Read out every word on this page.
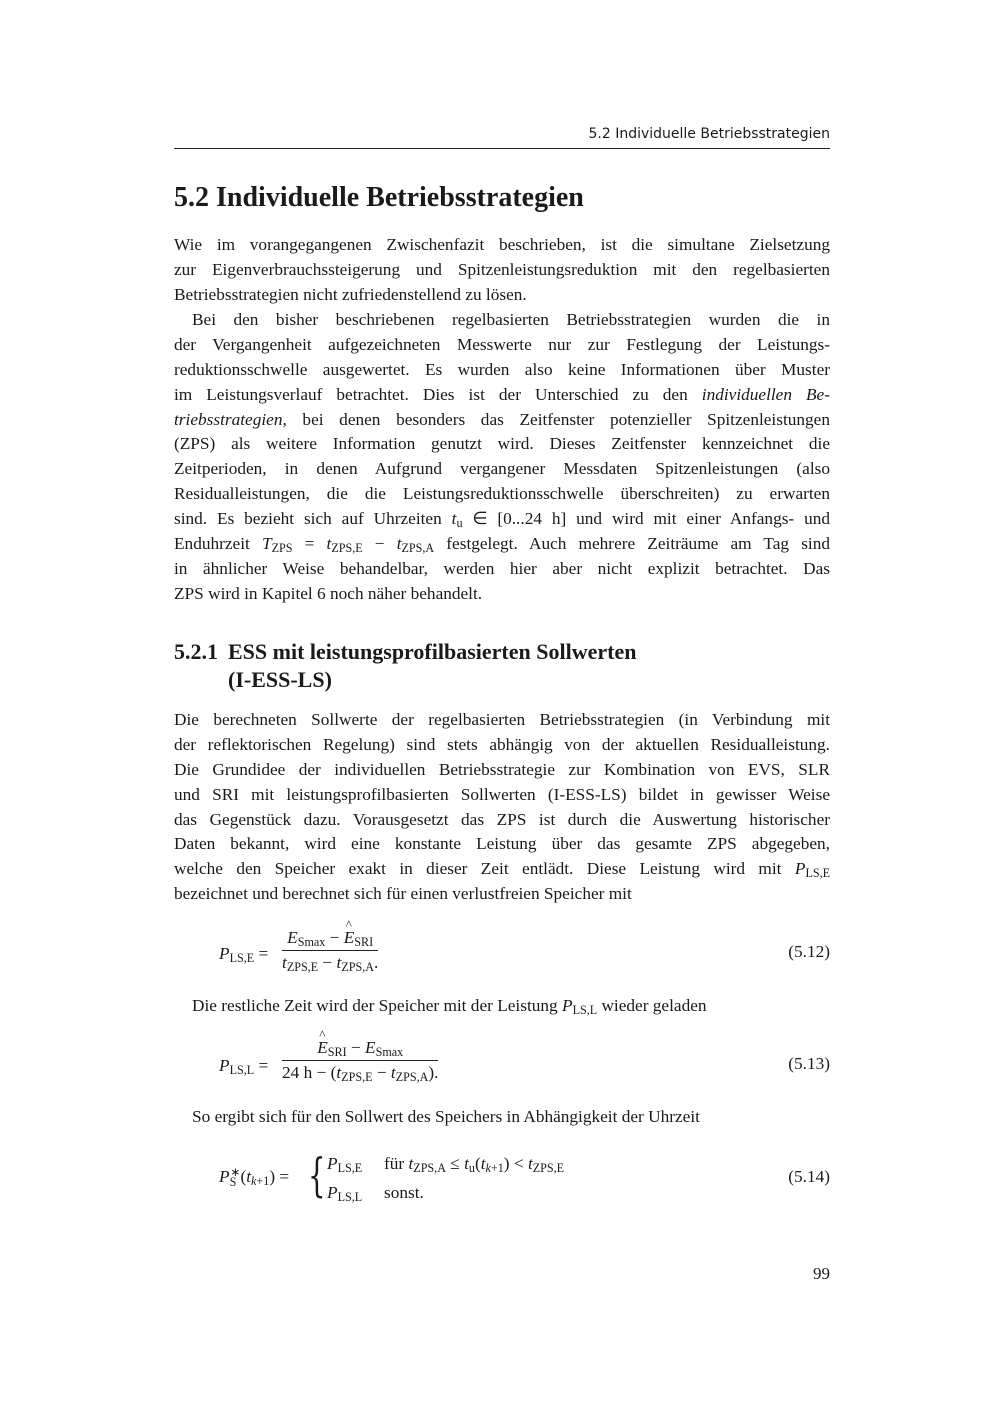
5.2 Individuelle Betriebsstrategien
5.2 Individuelle Betriebsstrategien
Wie im vorangegangenen Zwischenfazit beschrieben, ist die simultane Zielsetzung
zur Eigenverbrauchssteigerung und Spitzenleistungsreduktion mit den regelbasierten
Betriebsstrategien nicht zufriedenstellend zu lösen.
Bei den bisher beschriebenen regelbasierten Betriebsstrategien wurden die in
der Vergangenheit aufgezeichneten Messwerte nur zur Festlegung der Leistungs-
reduktionsschwelle ausgewertet. Es wurden also keine Informationen über Muster
im Leistungsverlauf betrachtet. Dies ist der Unterschied zu den individuellen Be-
triebsstrategien, bei denen besonders das Zeitfenster potenzieller Spitzenleistungen
(ZPS) als weitere Information genutzt wird. Dieses Zeitfenster kennzeichnet die
Zeitperioden, in denen Aufgrund vergangener Messdaten Spitzenleistungen (also
Residualleistungen, die die Leistungsreduktionsschwelle überschreiten) zu erwarten
sind. Es bezieht sich auf Uhrzeiten $t_u$ ∈ [0...24 h] und wird mit einer Anfangs- und
Enduhrzeit $T_{ZPS} = t_{ZPS,E} - t_{ZPS,A}$ festgelegt. Auch mehrere Zeiträume am Tag sind
in ähnlicher Weise behandelbar, werden hier aber nicht explizit betrachtet. Das
ZPS wird in Kapitel 6 noch näher behandelt.
5.2.1 ESS mit leistungsprofilbasierten Sollwerten
(I-ESS-LS)
Die berechneten Sollwerte der regelbasierten Betriebsstrategien (in Verbindung mit
der reflektorischen Regelung) sind stets abhängig von der aktuellen Residualleistung.
Die Grundidee der individuellen Betriebsstrategie zur Kombination von EVS, SLR
und SRI mit leistungsprofilbasierten Sollwerten (I-ESS-LS) bildet in gewisser Weise
das Gegenstück dazu. Vorausgesetzt das ZPS ist durch die Auswertung historischer
Daten bekannt, wird eine konstante Leistung über das gesamte ZPS abgegeben,
welche den Speicher exakt in dieser Zeit entlädt. Diese Leistung wird mit $P_{LS,E}$
bezeichnet und berechnet sich für einen verlustfreien Speicher mit
$P_{LS,E}$ =
$E_{Smax}$ − ^ $E_{SRI}$
$t_{ZPS,E} - t_{ZPS,A}$.
(5.12)
Die restliche Zeit wird der Speicher mit der Leistung $P_{LS,L}$ wieder geladen
$P_{LS,L}$ =
^ $E_{SRI} - E_{Smax}$
24 $h - (t_{ZPS,E} - t_{ZPS,A})$.	(5.13)
So ergibt sich für den Sollwert des Speichers in Abhängigkeit der Uhrzeit
$P_S^∗(t_{k+1})$ = { $P_{LS,E}$ für $t_{ZPS,A} \le t_u(t_{k+1}) < t_{ZPS,E}$
$P_{LS,L}$ sonst.
(5.14)
99
